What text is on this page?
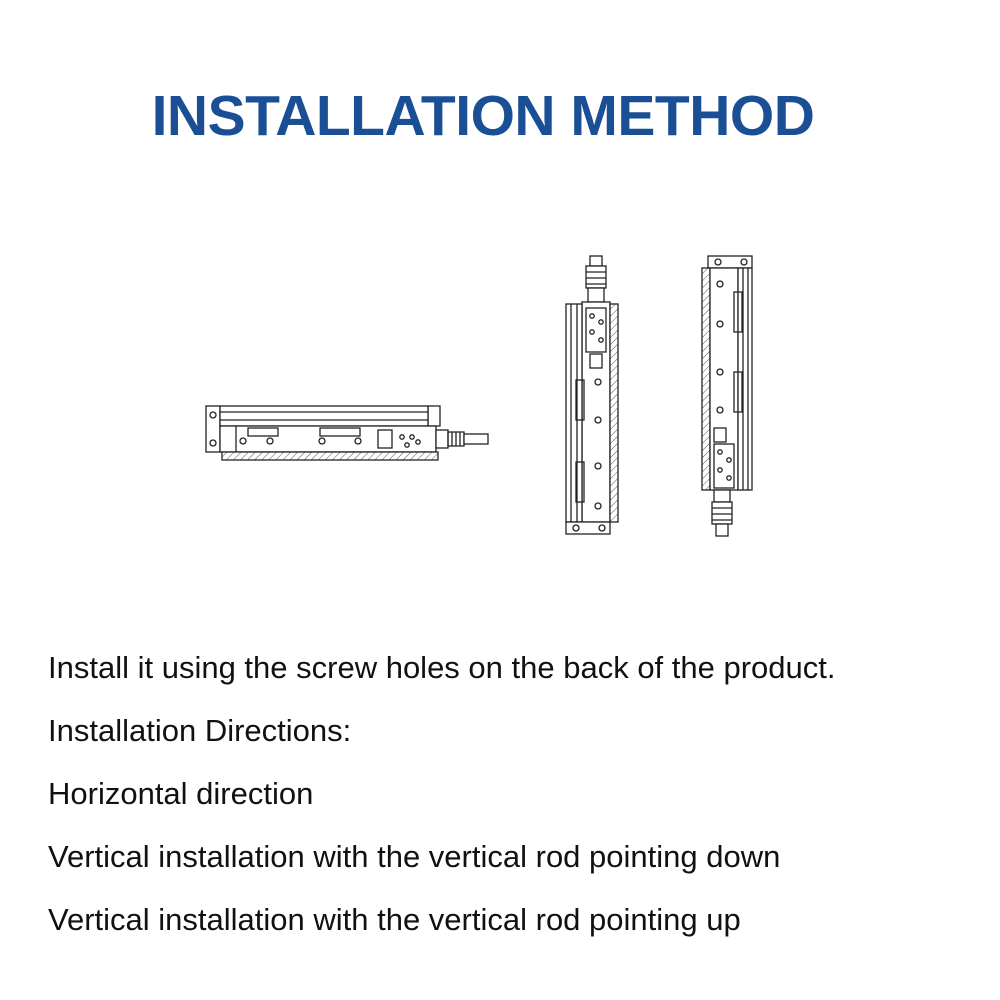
INSTALLATION METHOD
Install it using the screw holes on the back of the product.
Installation Directions:
Horizontal direction
Vertical installation with the vertical rod pointing down
Vertical installation with the vertical rod pointing up
